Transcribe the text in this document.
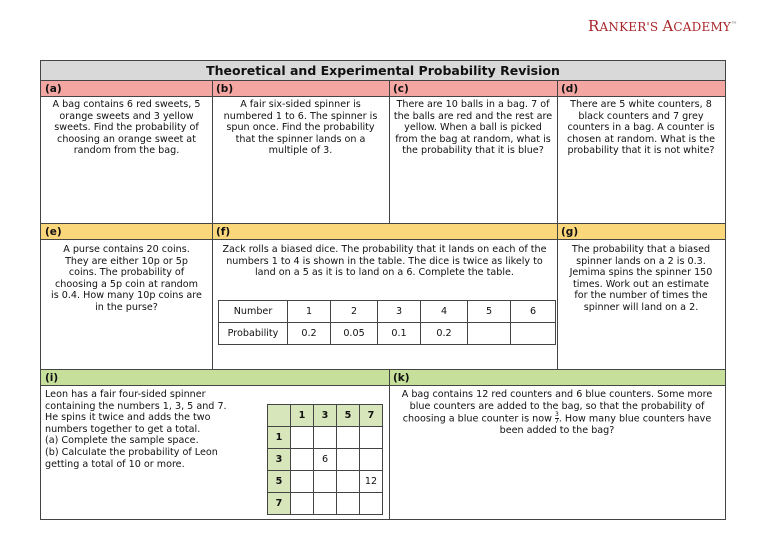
RANKER'S ACADEMY™
Theoretical and Experimental Probability Revision
(a)
A bag contains 6 red sweets, 5 orange sweets and 3 yellow sweets. Find the probability of choosing an orange sweet at random from the bag.
(b)
A fair six-sided spinner is numbered 1 to 6. The spinner is spun once. Find the probability that the spinner lands on a multiple of 3.
(c)
There are 10 balls in a bag. 7 of the balls are red and the rest are yellow. When a ball is picked from the bag at random, what is the probability that it is blue?
(d)
There are 5 white counters, 8 black counters and 7 grey counters in a bag. A counter is chosen at random. What is the probability that it is not white?
(e)
A purse contains 20 coins. They are either 10p or 5p coins. The probability of choosing a 5p coin at random is 0.4. How many 10p coins are in the purse?
(f)
Zack rolls a biased dice. The probability that it lands on each of the numbers 1 to 4 is shown in the table. The dice is twice as likely to land on a 5 as it is to land on a 6. Complete the table.
Number	1	2	3	4	5	6
Probability	0.2	0.05	0.1	0.2		
(g)
The probability that a biased spinner lands on a 2 is 0.3. Jemima spins the spinner 150 times. Work out an estimate for the number of times the spinner will land on a 2.
(i)
Leon has a fair four-sided spinner
containing the numbers 1, 3, 5 and 7.
He spins it twice and adds the two
numbers together to get a total.
(a) Complete the sample space.
(b) Calculate the probability of Leon
getting a total of 10 or more.
	1	3	5	7
1				
3		6		
5				12
7				
(k)
A bag contains 12 red counters and 6 blue counters. Some more blue counters are added to the bag, so that the probability of choosing a blue counter is now $\frac{3}{7}$ . How many blue counters have been added to the bag?
